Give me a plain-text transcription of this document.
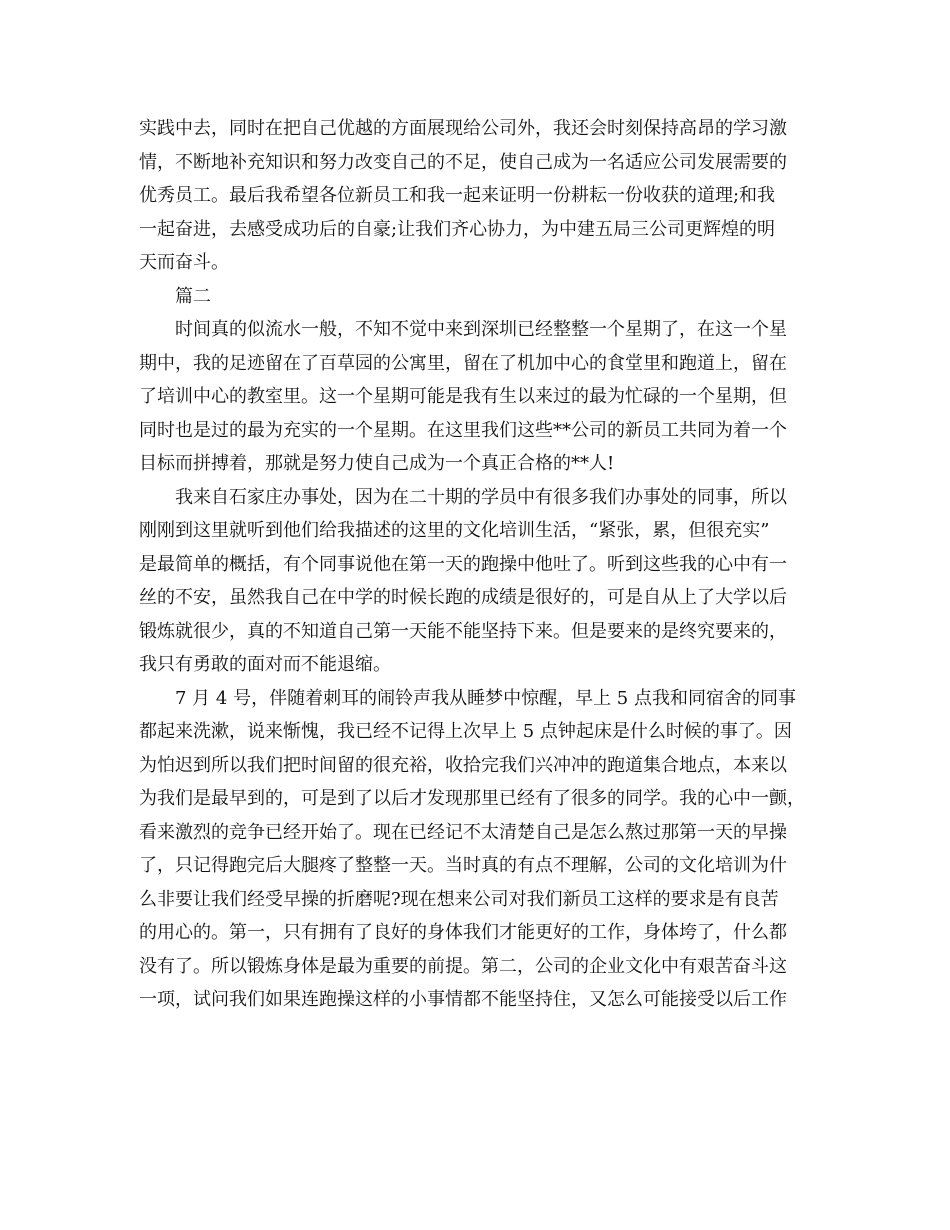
实践中去，同时在把自己优越的方面展现给公司外，我还会时刻保持高昂的学习激
情，不断地补充知识和努力改变自己的不足，使自己成为一名适应公司发展需要的
优秀员工。最后我希望各位新员工和我一起来证明一份耕耘一份收获的道理;和我
一起奋进，去感受成功后的自豪;让我们齐心协力，为中建五局三公司更辉煌的明
天而奋斗。
篇二
时间真的似流水一般，不知不觉中来到深圳已经整整一个星期了，在这一个星
期中，我的足迹留在了百草园的公寓里，留在了机加中心的食堂里和跑道上，留在
了培训中心的教室里。这一个星期可能是我有生以来过的最为忙碌的一个星期，但
同时也是过的最为充实的一个星期。在这里我们这些**公司的新员工共同为着一个
目标而拼搏着，那就是努力使自己成为一个真正合格的**人!
我来自石家庄办事处，因为在二十期的学员中有很多我们办事处的同事，所以
刚刚到这里就听到他们给我描述的这里的文化培训生活，“紧张，累，但很充实”
是最简单的概括，有个同事说他在第一天的跑操中他吐了。听到这些我的心中有一
丝的不安，虽然我自己在中学的时候长跑的成绩是很好的，可是自从上了大学以后
锻炼就很少，真的不知道自己第一天能不能坚持下来。但是要来的是终究要来的，
我只有勇敢的面对而不能退缩。
7 月 4 号，伴随着刺耳的闹铃声我从睡梦中惊醒，早上 5 点我和同宿舍的同事
都起来洗漱，说来惭愧，我已经不记得上次早上 5 点钟起床是什么时候的事了。因
为怕迟到所以我们把时间留的很充裕，收拾完我们兴冲冲的跑道集合地点，本来以
为我们是最早到的，可是到了以后才发现那里已经有了很多的同学。我的心中一颤，
看来激烈的竞争已经开始了。现在已经记不太清楚自己是怎么熬过那第一天的早操
了，只记得跑完后大腿疼了整整一天。当时真的有点不理解，公司的文化培训为什
么非要让我们经受早操的折磨呢?现在想来公司对我们新员工这样的要求是有良苦
的用心的。第一，只有拥有了良好的身体我们才能更好的工作，身体垮了，什么都
没有了。所以锻炼身体是最为重要的前提。第二，公司的企业文化中有艰苦奋斗这
一项，试问我们如果连跑操这样的小事情都不能坚持住，又怎么可能接受以后工作
